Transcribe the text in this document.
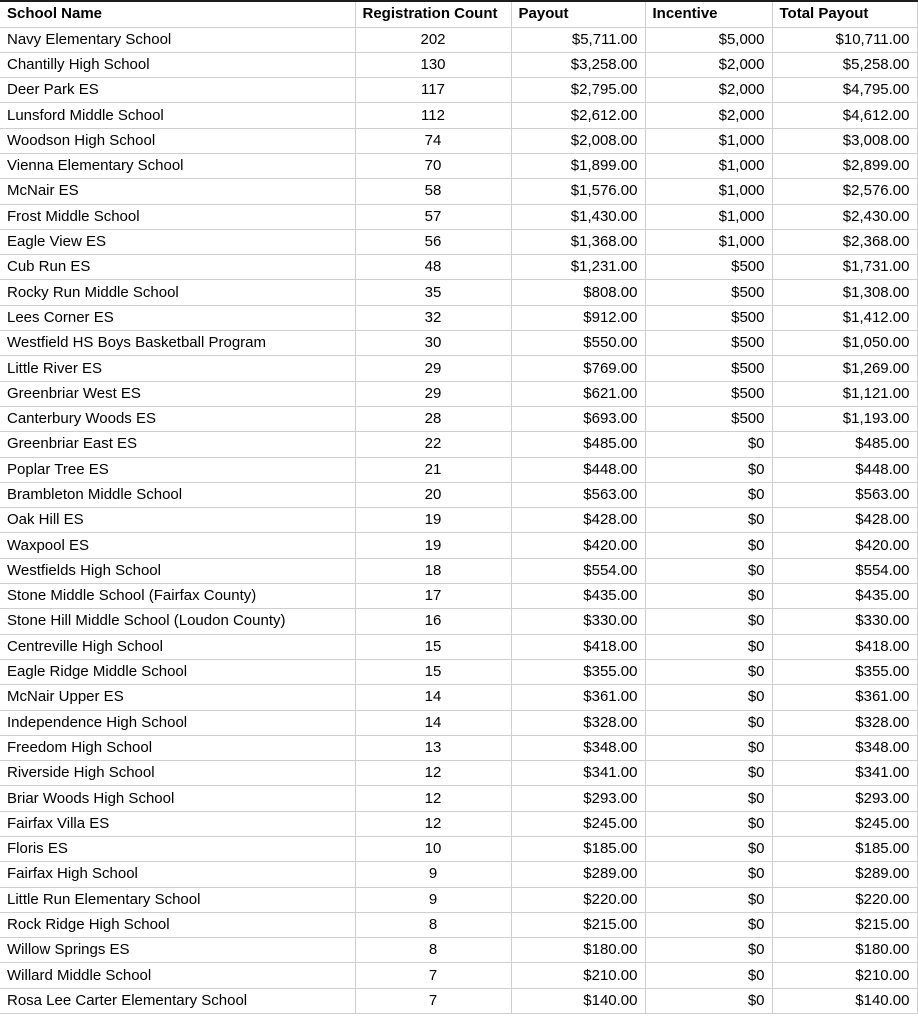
School Name	Registration Count	Payout	Incentive	Total Payout
Navy Elementary School	202	$5,711.00	$5,000	$10,711.00
Chantilly High School	130	$3,258.00	$2,000	$5,258.00
Deer Park ES	117	$2,795.00	$2,000	$4,795.00
Lunsford Middle School	112	$2,612.00	$2,000	$4,612.00
Woodson High School	74	$2,008.00	$1,000	$3,008.00
Vienna Elementary School	70	$1,899.00	$1,000	$2,899.00
McNair ES	58	$1,576.00	$1,000	$2,576.00
Frost Middle School	57	$1,430.00	$1,000	$2,430.00
Eagle View ES	56	$1,368.00	$1,000	$2,368.00
Cub Run ES	48	$1,231.00	$500	$1,731.00
Rocky Run Middle School	35	$808.00	$500	$1,308.00
Lees Corner ES	32	$912.00	$500	$1,412.00
Westfield HS Boys Basketball Program	30	$550.00	$500	$1,050.00
Little River ES	29	$769.00	$500	$1,269.00
Greenbriar West ES	29	$621.00	$500	$1,121.00
Canterbury Woods ES	28	$693.00	$500	$1,193.00
Greenbriar East ES	22	$485.00	$0	$485.00
Poplar Tree ES	21	$448.00	$0	$448.00
Brambleton Middle School	20	$563.00	$0	$563.00
Oak Hill ES	19	$428.00	$0	$428.00
Waxpool ES	19	$420.00	$0	$420.00
Westfields High School	18	$554.00	$0	$554.00
Stone Middle School (Fairfax County)	17	$435.00	$0	$435.00
Stone Hill Middle School (Loudon County)	16	$330.00	$0	$330.00
Centreville High School	15	$418.00	$0	$418.00
Eagle Ridge Middle School	15	$355.00	$0	$355.00
McNair Upper ES	14	$361.00	$0	$361.00
Independence High School	14	$328.00	$0	$328.00
Freedom High School	13	$348.00	$0	$348.00
Riverside High School	12	$341.00	$0	$341.00
Briar Woods High School	12	$293.00	$0	$293.00
Fairfax Villa ES	12	$245.00	$0	$245.00
Floris ES	10	$185.00	$0	$185.00
Fairfax High School	9	$289.00	$0	$289.00
Little Run Elementary School	9	$220.00	$0	$220.00
Rock Ridge High School	8	$215.00	$0	$215.00
Willow Springs ES	8	$180.00	$0	$180.00
Willard Middle School	7	$210.00	$0	$210.00
Rosa Lee Carter Elementary School	7	$140.00	$0	$140.00
